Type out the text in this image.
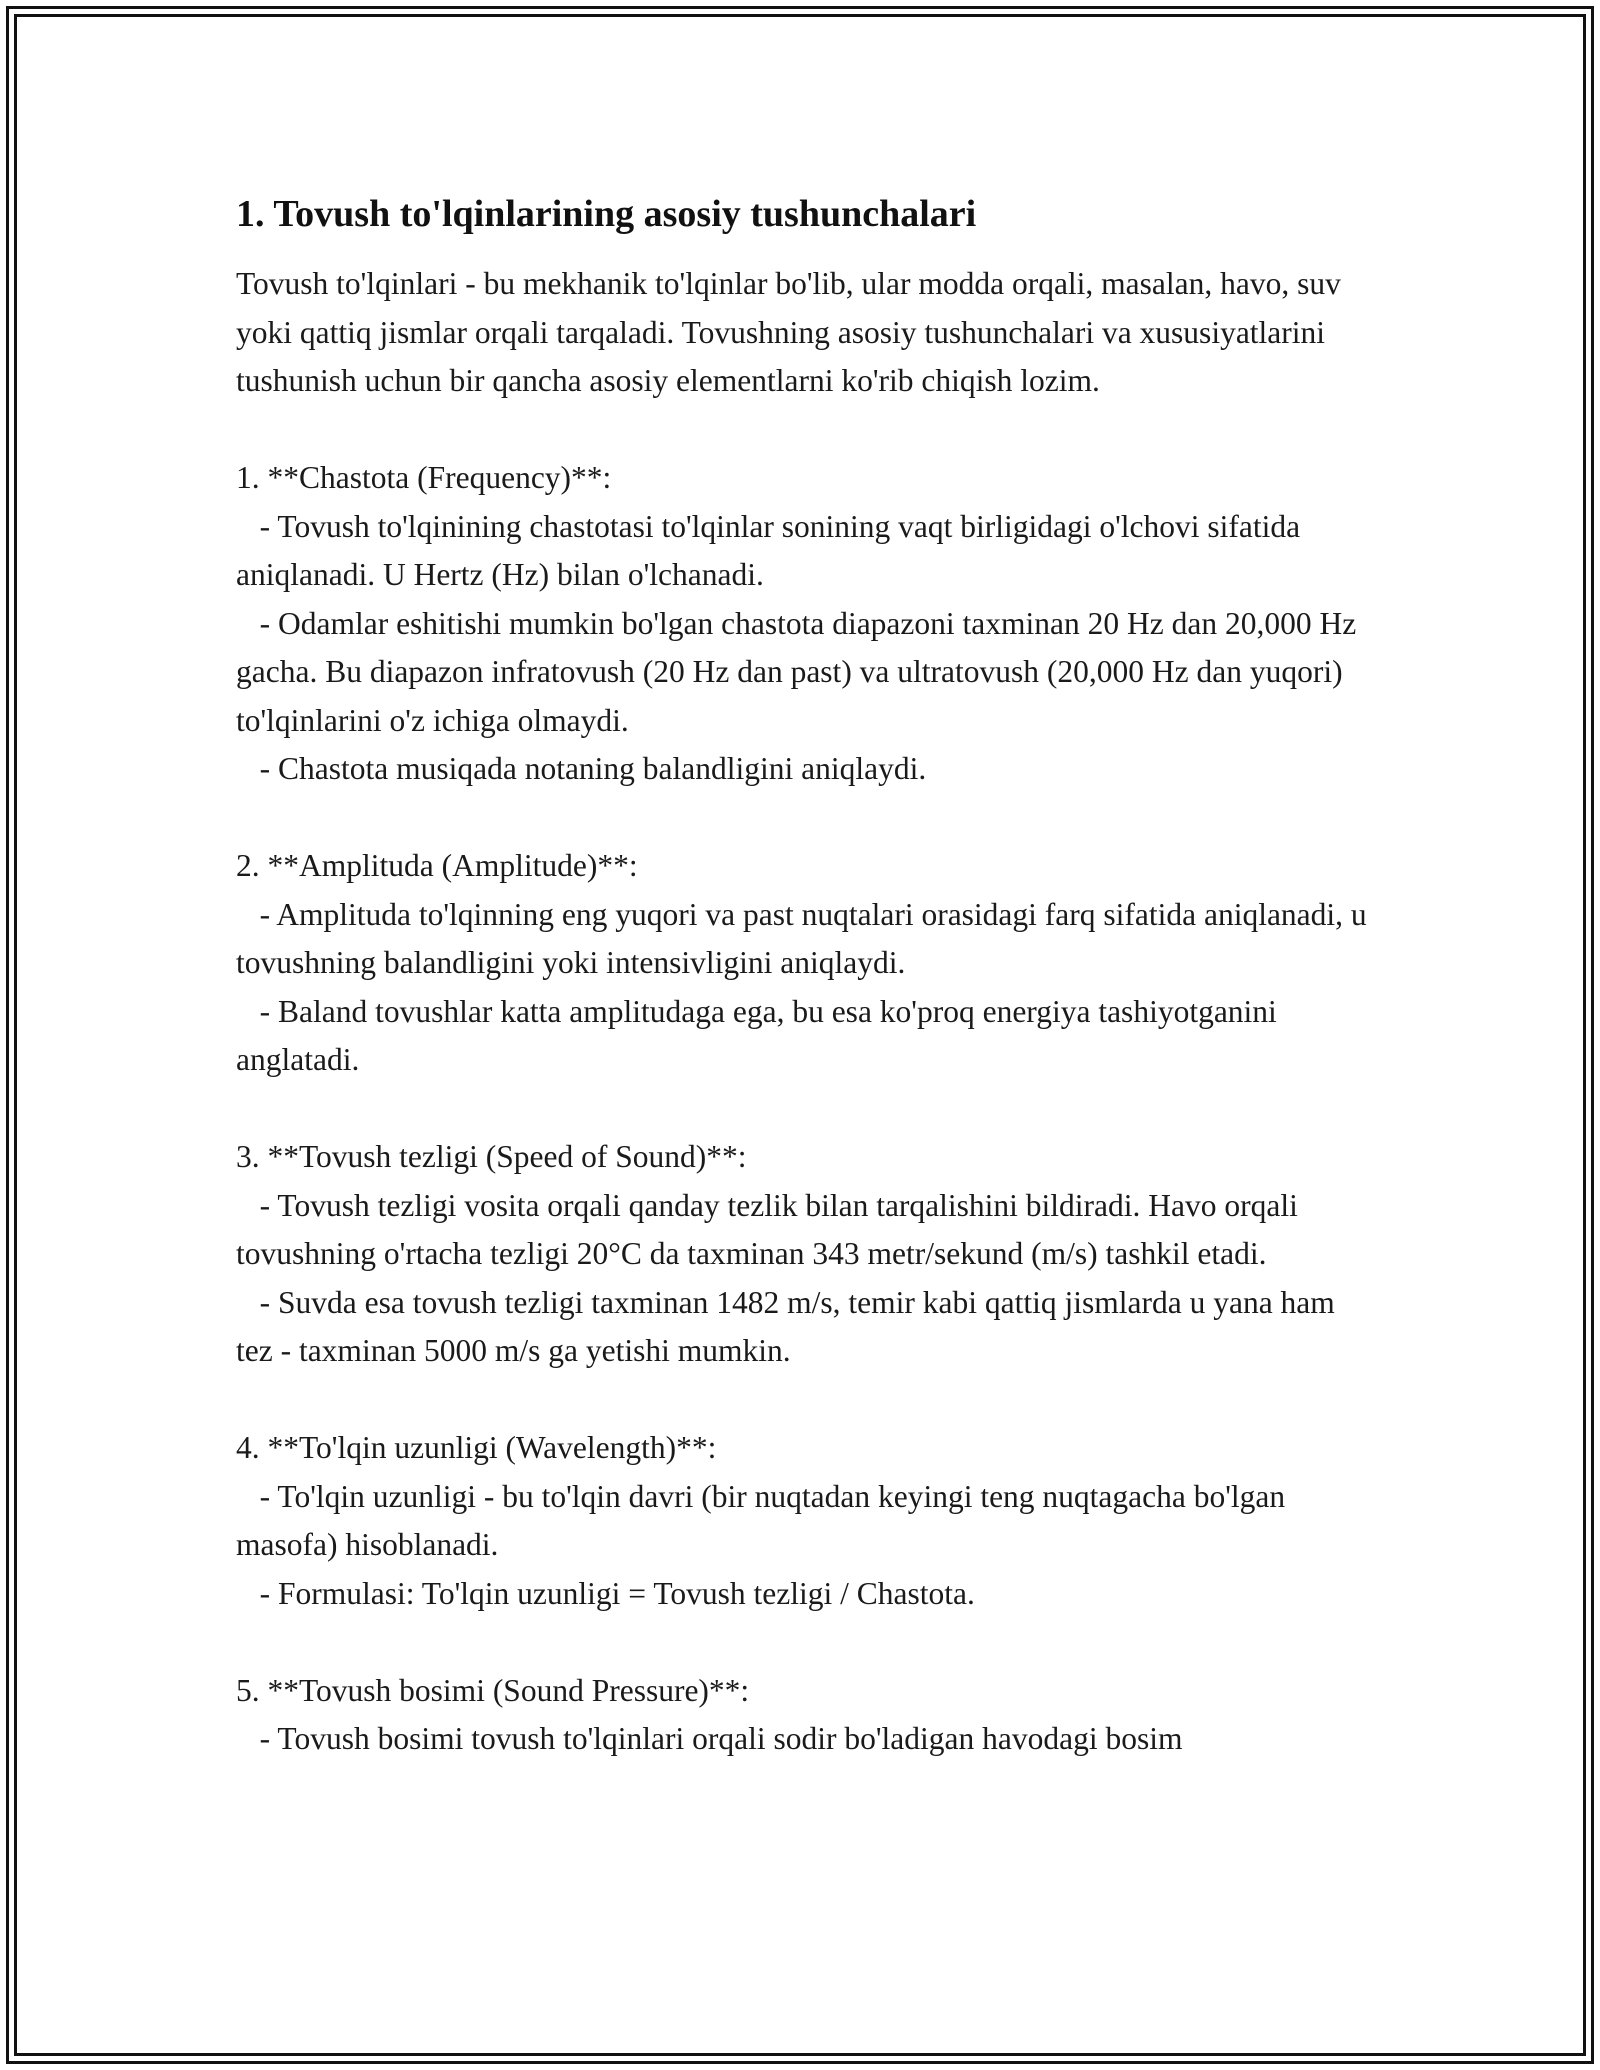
1. Tovush to'lqinlarining asosiy tushunchalari

Tovush to'lqinlari - bu mekhanik to'lqinlar bo'lib, ular modda orqali, masalan, havo, suv yoki qattiq jismlar orqali tarqaladi. Tovushning asosiy tushunchalari va xususiyatlarini tushunish uchun bir qancha asosiy elementlarni ko'rib chiqish lozim.

1. **Chastota (Frequency)**:
- Tovush to'lqinining chastotasi to'lqinlar sonining vaqt birligidagi o'lchovi sifatida aniqlanadi. U Hertz (Hz) bilan o'lchanadi.
- Odamlar eshitishi mumkin bo'lgan chastota diapazoni taxminan 20 Hz dan 20,000 Hz gacha. Bu diapazon infratovush (20 Hz dan past) va ultratovush (20,000 Hz dan yuqori) to'lqinlarini o'z ichiga olmaydi.
- Chastota musiqada notaning balandligini aniqlaydi.

2. **Amplituda (Amplitude)**:
- Amplituda to'lqinning eng yuqori va past nuqtalari orasidagi farq sifatida aniqlanadi, u tovushning balandligini yoki intensivligini aniqlaydi.
- Baland tovushlar katta amplitudaga ega, bu esa ko'proq energiya tashiyotganini anglatadi.

3. **Tovush tezligi (Speed of Sound)**:
- Tovush tezligi vosita orqali qanday tezlik bilan tarqalishini bildiradi. Havo orqali tovushning o'rtacha tezligi 20°C da taxminan 343 metr/sekund (m/s) tashkil etadi.
- Suvda esa tovush tezligi taxminan 1482 m/s, temir kabi qattiq jismlarda u yana ham tez - taxminan 5000 m/s ga yetishi mumkin.

4. **To'lqin uzunligi (Wavelength)**:
- To'lqin uzunligi - bu to'lqin davri (bir nuqtadan keyingi teng nuqtagacha bo'lgan masofa) hisoblanadi.
- Formulasi: To'lqin uzunligi = Tovush tezligi / Chastota.

5. **Tovush bosimi (Sound Pressure)**:
- Tovush bosimi tovush to'lqinlari orqali sodir bo'ladigan havodagi bosim
